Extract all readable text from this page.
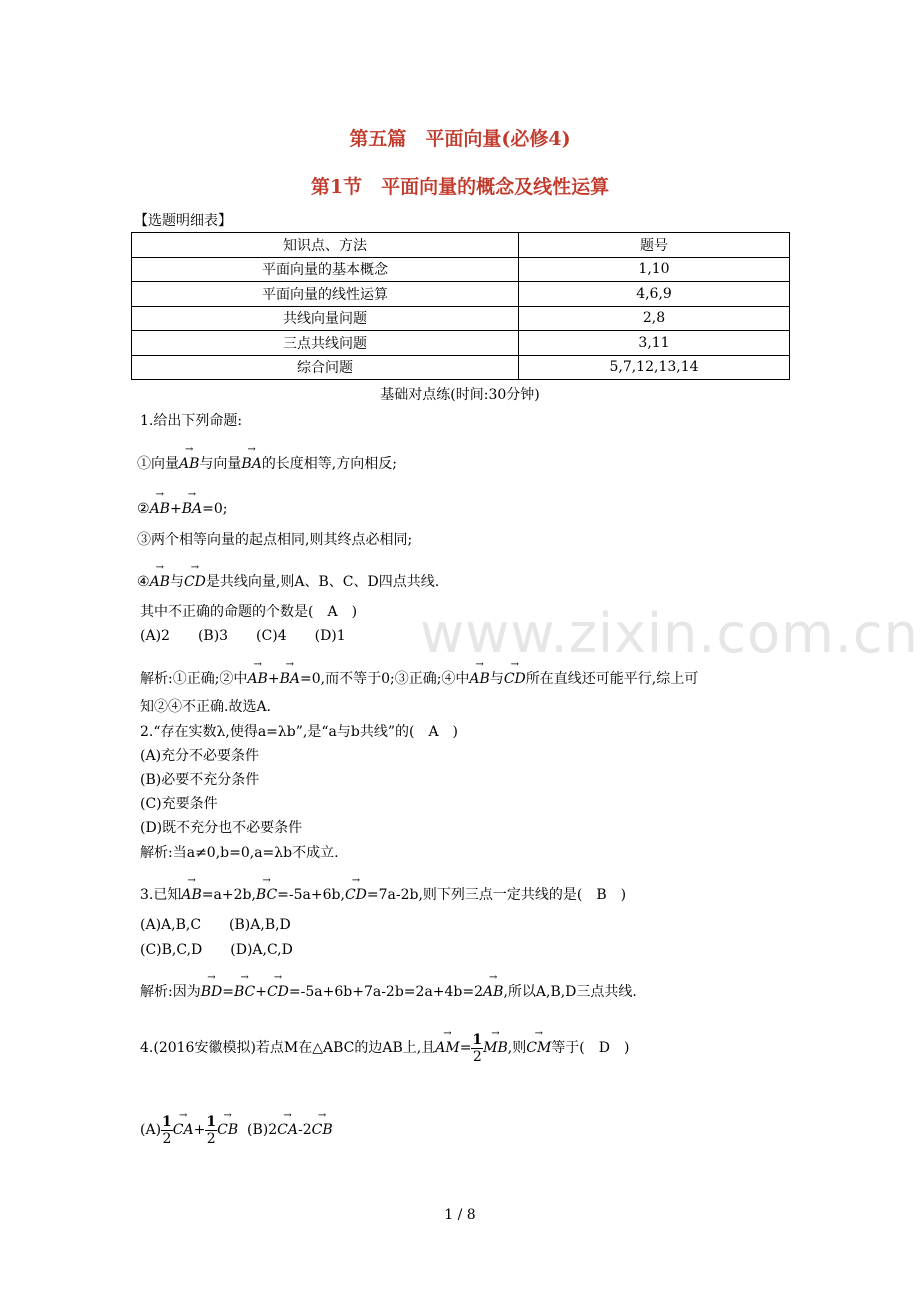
第五篇　平面向量(必修4)
第1节　平面向量的概念及线性运算
【选题明细表】
知识点、方法	题号
平面向量的基本概念	1,10
平面向量的线性运算	4,6,9
共线向量问题	2,8
三点共线问题	3,11
综合问题	5,7,12,13,14
基础对点练(时间:30分钟)
www.zixin.com.cn
1.给出下列命题:
①向量→ AB与向量→ BA的长度相等,方向相反;
②→ AB+→ BA=0;
③两个相等向量的起点相同,则其终点必相同;
④→ AB与→ CD是共线向量,则A、B、C、D四点共线.
其中不正确的命题的个数是(　A　)
(A)2　　(B)3　　(C)4　　(D)1
解析:①正确;②中→ AB+→ BA=0,而不等于0;③正确;④中→ AB与→ CD所在直线还可能平行,综上可
知②④不正确.故选A.
2.“存在实数λ,使得a=λb”,是“a与b共线”的(　A　)
(A)充分不必要条件
(B)必要不充分条件
(C)充要条件
(D)既不充分也不必要条件
解析:当a≠0,b=0,a=λb不成立.
3.已知→ AB=a+2b,→ BC=-5a+6b,→ CD=7a-2b,则下列三点一定共线的是(　B　)
(A)A,B,C　　(B)A,B,D
(C)B,C,D　　(D)A,C,D
解析:因为→ BD=→ BC+→ CD=-5a+6b+7a-2b=2a+4b=2→ AB,所以A,B,D三点共线.
4.(2016安徽模拟)若点M在△ABC的边AB上,且→ $AM= \frac{1}{2}$ → MB,则→ CM等于(　D　)
$(A) \frac{1}{2} \to CA+ \frac{1}{2}$ → CB (B)2→ CA-2→ CB
1 / 8
